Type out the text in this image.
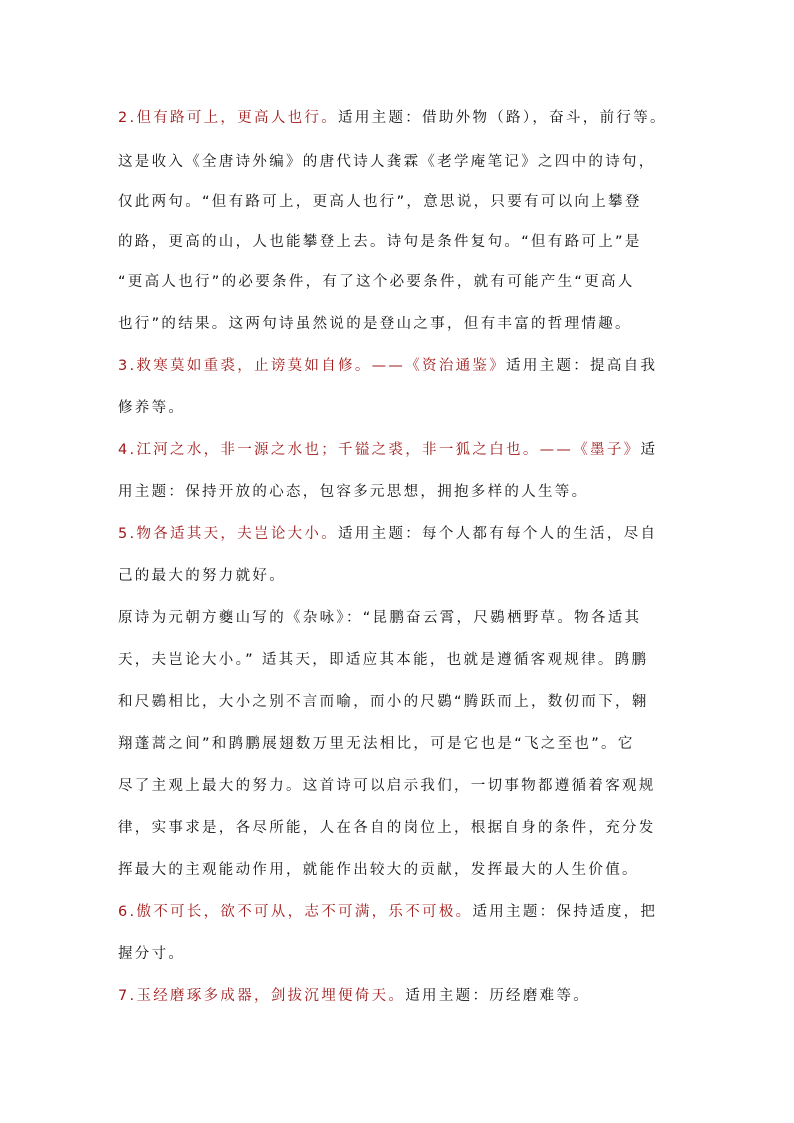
2.但有路可上，更高人也行。适用主题：借助外物（路），奋斗，前行等。
这是收入《全唐诗外编》的唐代诗人龚霖《老学庵笔记》之四中的诗句，
仅此两句。“但有路可上，更高人也行”，意思说，只要有可以向上攀登
的路，更高的山，人也能攀登上去。诗句是条件复句。“但有路可上”是
“更高人也行”的必要条件，有了这个必要条件，就有可能产生“更高人
也行”的结果。这两句诗虽然说的是登山之事，但有丰富的哲理情趣。
3.救寒莫如重裘，止谤莫如自修。——《资治通鉴》适用主题：提高自我
修养等。
4.江河之水，非一源之水也；千镒之裘，非一狐之白也。——《墨子》适
用主题：保持开放的心态，包容多元思想，拥抱多样的人生等。
5.物各适其天，夫岂论大小。适用主题：每个人都有每个人的生活，尽自
己的最大的努力就好。
原诗为元朝方夔山写的《杂咏》：“昆鹏奋云霄，尺鷃栖野草。物各适其
天，夫岂论大小。” 适其天，即适应其本能，也就是遵循客观规律。鹍鹏
和尺鷃相比，大小之别不言而喻，而小的尺鷃“腾跃而上，数仞而下，翱
翔蓬蒿之间”和鹍鹏展翅数万里无法相比，可是它也是“飞之至也”。它
尽了主观上最大的努力。这首诗可以启示我们，一切事物都遵循着客观规
律，实事求是，各尽所能，人在各自的岗位上，根据自身的条件，充分发
挥最大的主观能动作用，就能作出较大的贡献，发挥最大的人生价值。
6.傲不可长，欲不可从，志不可满，乐不可极。适用主题：保持适度，把
握分寸。
7.玉经磨琢多成器，剑拔沉埋便倚天。适用主题：历经磨难等。
